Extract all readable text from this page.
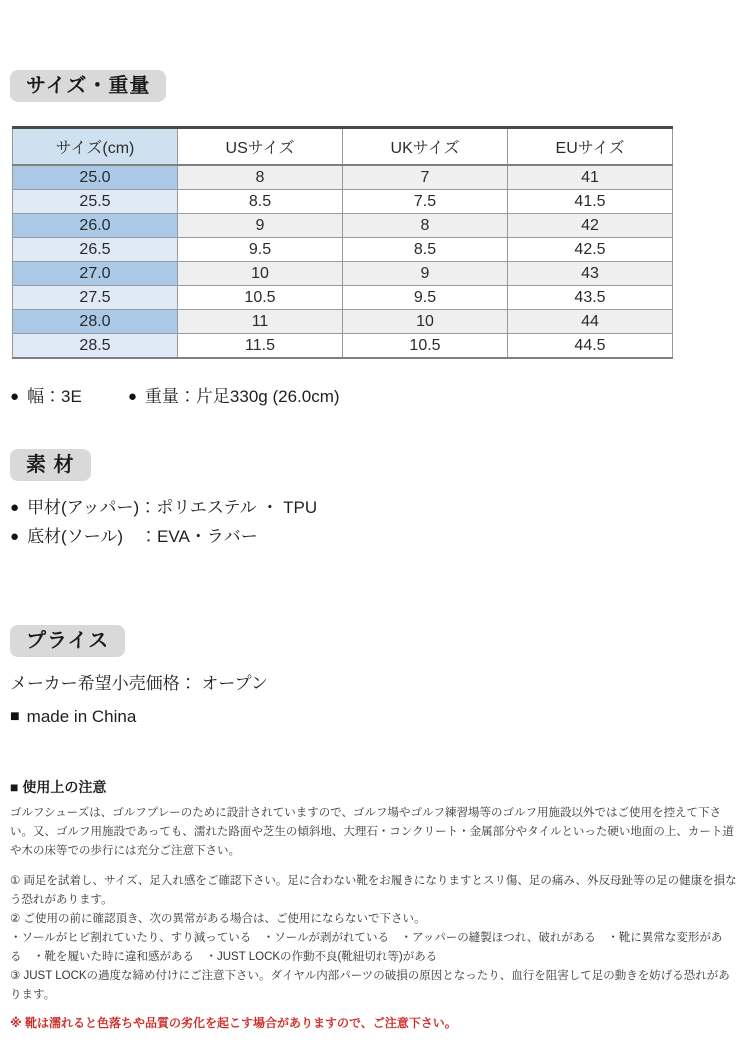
サイズ・重量
サイズ(cm)	USサイズ	UKサイズ	EUサイズ
25.0	8	7	41
25.5	8.5	7.5	41.5
26.0	9	8	42
26.5	9.5	8.5	42.5
27.0	10	9	43
27.5	10.5	9.5	43.5
28.0	11	10	44
28.5	11.5	10.5	44.5
● 幅：3E	● 重量：片足330g (26.0cm)
素 材
● 甲材(アッパー)：ポリエステル ・ TPU
● 底材(ソール)　：EVA・ラバー
プライス
メーカー希望小売価格： オープン
■ made in China
■ 使用上の注意
ゴルフシューズは、ゴルフプレーのために設計されていますので、ゴルフ場やゴルフ練習場等のゴルフ用施設以外ではご使用を控えて下さい。又、ゴルフ用施設であっても、濡れた路面や芝生の傾斜地、大理石・コンクリート・金属部分やタイルといった硬い地面の上、カート道や木の床等での歩行には充分ご注意下さい。
① 両足を試着し、サイズ、足入れ感をご確認下さい。足に合わない靴をお履きになりますとスリ傷、足の痛み、外反母趾等の足の健康を損なう恐れがあります。
② ご使用の前に確認頂き、次の異常がある場合は、ご使用にならないで下さい。
・ソールがヒビ割れていたり、すり減っている　・ソールが剥がれている　・アッパーの縫製ほつれ、破れがある　・靴に異常な変形がある　・靴を履いた時に違和感がある　・JUST LOCKの作動不良(靴紐切れ等)がある
③ JUST LOCKの過度な締め付けにご注意下さい。ダイヤル内部パーツの破損の原因となったり、血行を阻害して足の動きを妨げる恐れがあります。
※ 靴は濡れると色落ちや品質の劣化を起こす場合がありますので、ご注意下さい。
